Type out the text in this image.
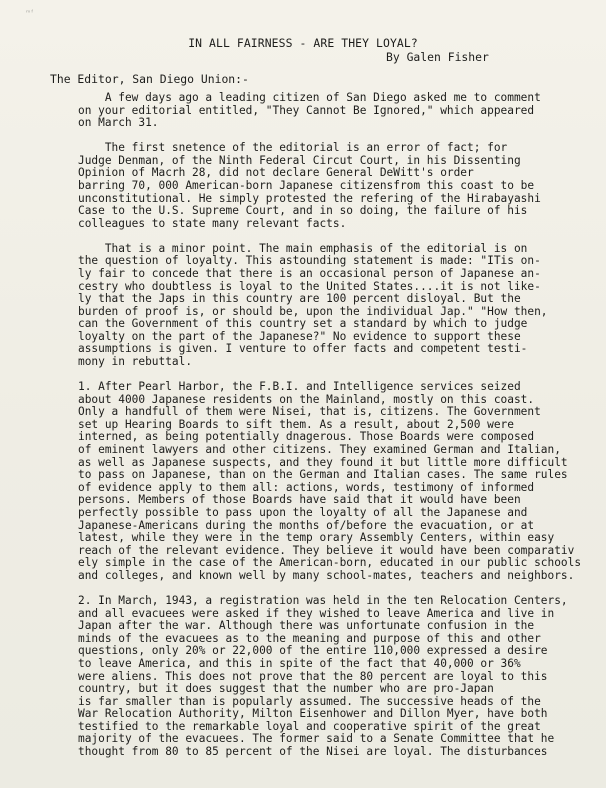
ᵐᶠ
IN ALL FAIRNESS - ARE THEY LOYAL?
By Galen Fisher
The Editor, San Diego Union:-
A few days ago a leading citizen of San Diego asked me to comment
on your editorial entitled, "They Cannot Be Ignored," which appeared
on March 31.
The first snetence of the editorial is an error of fact; for
Judge Denman, of the Ninth Federal Circut Court, in his Dissenting
Opinion of Macrh 28, did not declare General DeWitt's order
barring 70, 000 American-born Japanese citizensfrom this coast to be
unconstitutional. He simply protested the refering of the Hirabayashi
Case to the U.S. Supreme Court, and in so doing, the failure of his
colleagues to state many relevant facts.
That is a minor point. The main emphasis of the editorial is on
the question of loyalty. This astounding statement is made: "ITis on-
ly fair to concede that there is an occasional person of Japanese an-
cestry who doubtless is loyal to the United States....it is not like-
ly that the Japs in this country are 100 percent disloyal. But the
burden of proof is, or should be, upon the individual Jap." "How then,
can the Government of this country set a standard by which to judge
loyalty on the part of the Japanese?" No evidence to support these
assumptions is given. I venture to offer facts and competent testi-
mony in rebuttal.
1. After Pearl Harbor, the F.B.I. and Intelligence services seized
about 4000 Japanese residents on the Mainland, mostly on this coast.
Only a handfull of them were Nisei, that is, citizens. The Government
set up Hearing Boards to sift them. As a result, about 2,500 were
interned, as being potentially dnagerous. Those Boards were composed
of eminent lawyers and other citizens. They examined German and Italian,
as well as Japanese suspects, and they found it but little more difficult
to pass on Japanese, than on the German and Italian cases. The same rules
of evidence apply to them all: actions, words, testimony of informed
persons. Members of those Boards have said that it would have been
perfectly possible to pass upon the loyalty of all the Japanese and
Japanese-Americans during the months of/before the evacuation, or at
latest, while they were in the temp orary Assembly Centers, within easy
reach of the relevant evidence. They believe it would have been comparativ
ely simple in the case of the American-born, educated in our public schools
and colleges, and known well by many school-mates, teachers and neighbors.
2. In March, 1943, a registration was held in the ten Relocation Centers,
and all evacuees were asked if they wished to leave America and live in
Japan after the war. Although there was unfortunate confusion in the
minds of the evacuees as to the meaning and purpose of this and other
questions, only 20% or 22,000 of the entire 110,000 expressed a desire
to leave America, and this in spite of the fact that 40,000 or 36%
were aliens. This does not prove that the 80 percent are loyal to this
country, but it does suggest that the number who are pro-Japan
is far smaller than is popularly assumed. The successive heads of the
War Relocation Authority, Milton Eisenhower and Dillon Myer, have both
testified to the remarkable loyal and cooperative spirit of the great
majority of the evacuees. The former said to a Senate Committee that he
thought from 80 to 85 percent of the Nisei are loyal. The disturbances
